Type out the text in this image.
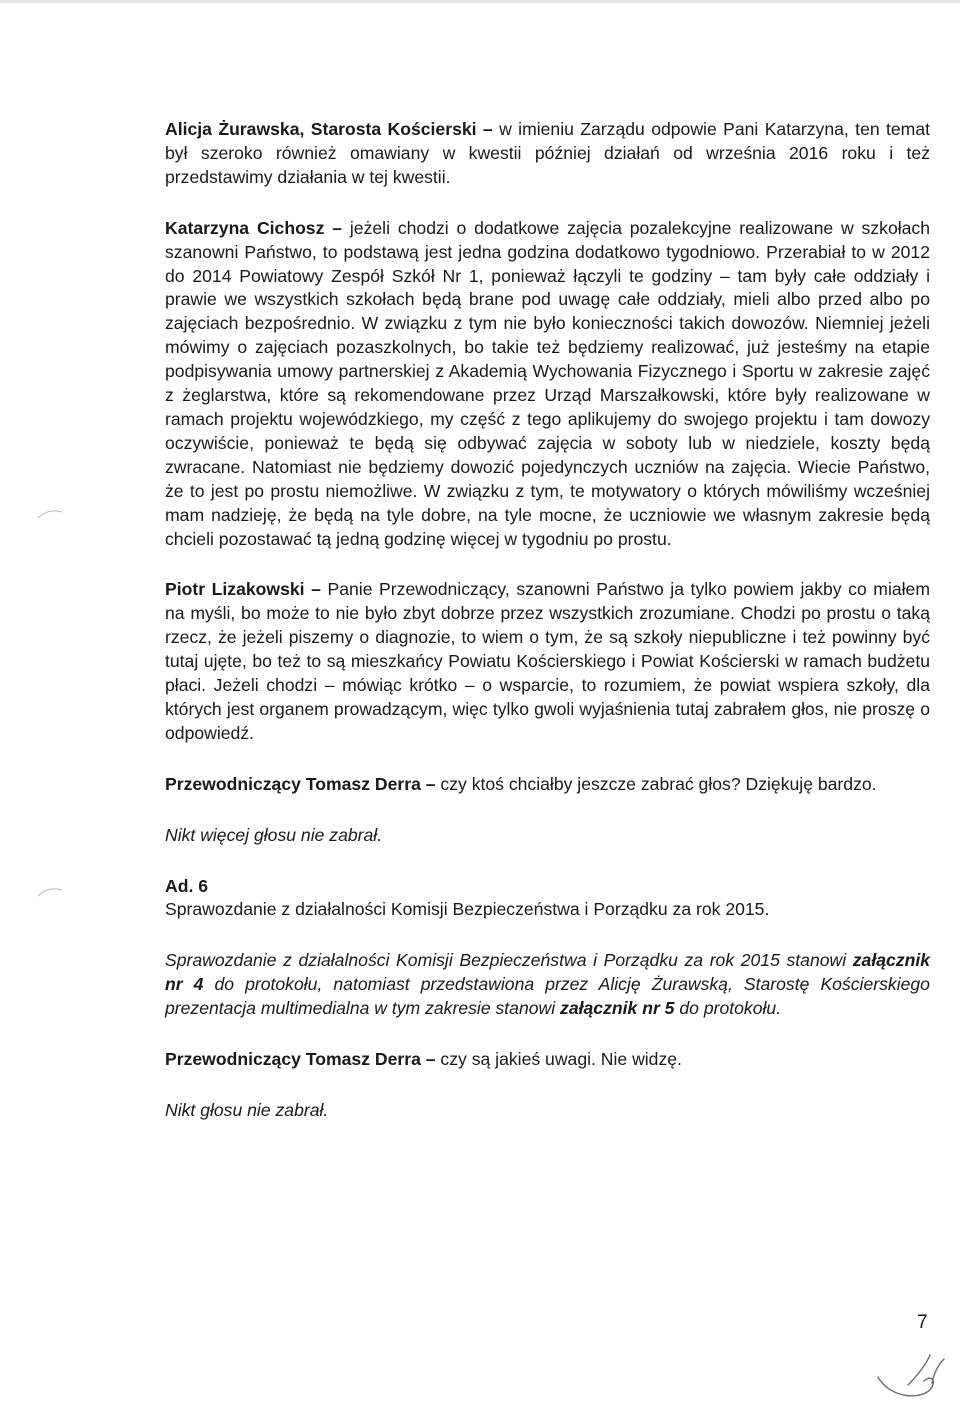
Alicja Żurawska, Starosta Kościerski – w imieniu Zarządu odpowie Pani Katarzyna, ten temat był szeroko również omawiany w kwestii później działań od września 2016 roku i też przedstawimy działania w tej kwestii.

Katarzyna Cichosz – jeżeli chodzi o dodatkowe zajęcia pozalekcyjne realizowane w szkołach szanowni Państwo, to podstawą jest jedna godzina dodatkowo tygodniowo. Przerabiał to w 2012 do 2014 Powiatowy Zespół Szkół Nr 1, ponieważ łączyli te godziny – tam były całe oddziały i prawie we wszystkich szkołach będą brane pod uwagę całe oddziały, mieli albo przed albo po zajęciach bezpośrednio. W związku z tym nie było konieczności takich dowozów. Niemniej jeżeli mówimy o zajęciach pozaszkolnych, bo takie też będziemy realizować, już jesteśmy na etapie podpisywania umowy partnerskiej z Akademią Wychowania Fizycznego i Sportu w zakresie zajęć z żeglarstwa, które są rekomendowane przez Urząd Marszałkowski, które były realizowane w ramach projektu wojewódzkiego, my część z tego aplikujemy do swojego projektu i tam dowozy oczywiście, ponieważ te będą się odbywać zajęcia w soboty lub w niedziele, koszty będą zwracane. Natomiast nie będziemy dowozić pojedynczych uczniów na zajęcia. Wiecie Państwo, że to jest po prostu niemożliwe. W związku z tym, te motywatory o których mówiliśmy wcześniej mam nadzieję, że będą na tyle dobre, na tyle mocne, że uczniowie we własnym zakresie będą chcieli pozostawać tą jedną godzinę więcej w tygodniu po prostu.

Piotr Lizakowski – Panie Przewodniczący, szanowni Państwo ja tylko powiem jakby co miałem na myśli, bo może to nie było zbyt dobrze przez wszystkich zrozumiane. Chodzi po prostu o taką rzecz, że jeżeli piszemy o diagnozie, to wiem o tym, że są szkoły niepubliczne i też powinny być tutaj ujęte, bo też to są mieszkańcy Powiatu Kościerskiego i Powiat Kościerski w ramach budżetu płaci. Jeżeli chodzi – mówiąc krótko – o wsparcie, to rozumiem, że powiat wspiera szkoły, dla których jest organem prowadzącym, więc tylko gwoli wyjaśnienia tutaj zabrałem głos, nie proszę o odpowiedź.

Przewodniczący Tomasz Derra – czy ktoś chciałby jeszcze zabrać głos? Dziękuję bardzo.

Nikt więcej głosu nie zabrał.

Ad. 6
Sprawozdanie z działalności Komisji Bezpieczeństwa i Porządku za rok 2015.

Sprawozdanie z działalności Komisji Bezpieczeństwa i Porządku za rok 2015 stanowi załącznik nr 4 do protokołu, natomiast przedstawiona przez Alicję Żurawską, Starostę Kościerskiego prezentacja multimedialna w tym zakresie stanowi załącznik nr 5 do protokołu.

Przewodniczący Tomasz Derra – czy są jakieś uwagi. Nie widzę.

Nikt głosu nie zabrał.

7
